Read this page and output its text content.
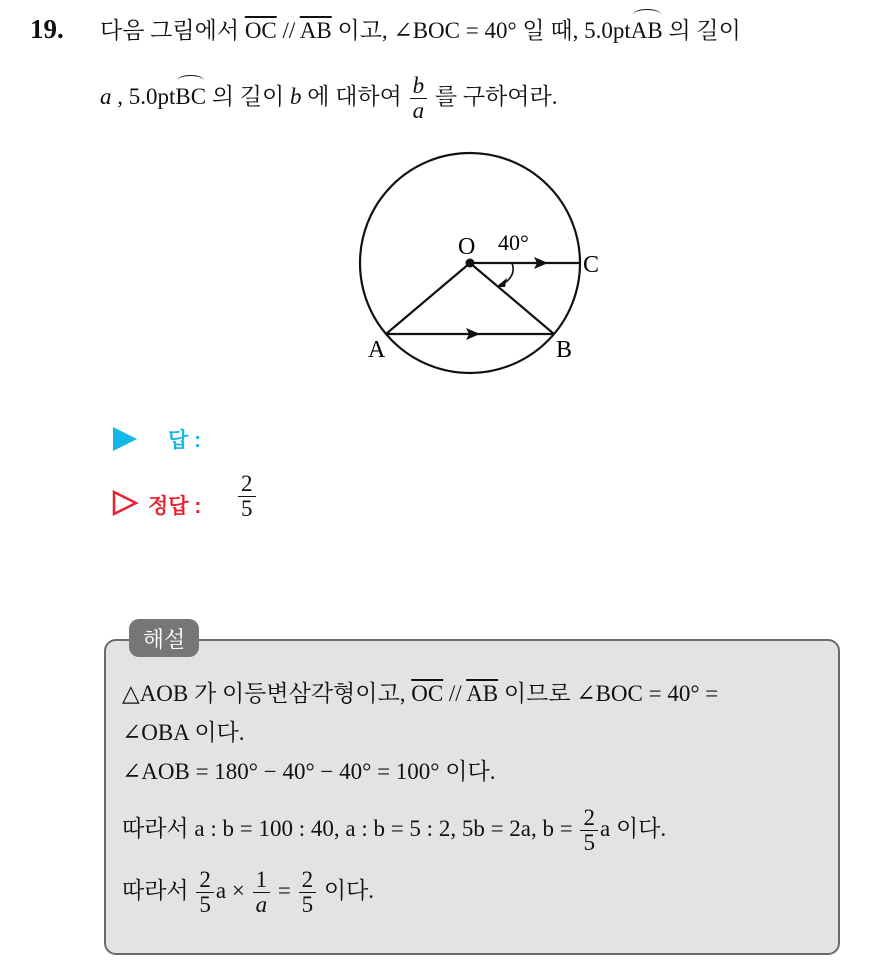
19. 다음 그림에서 $\overline{OC} // \overline{AB}$ 이고, ∠BOC = 40° 일 때, 5.0ptAB 의 길이
a , 5.0ptBC 의 길이 b 에 대하여 $\frac{b}{a}$ 를 구하여라.
O 40°
C
A	B
답 :
정답 : $\frac{2}{5}$
해설
△AOB 가 이등변삼각형이고, $\overline{OC} // \overline{AB}$ 이므로 ∠BOC = 40° =
∠OBA 이다.
∠AOB = 180° − 40° − 40° = 100° 이다.
따라서 a : b = 100 : 40, a : b = 5 : 2, 5b = 2a, $b = \frac{2}{5}$ a 이다.
따라서 $\frac{2}{5}$ $a \times \frac{1}{a} = \frac{2}{5}$ 이다.
